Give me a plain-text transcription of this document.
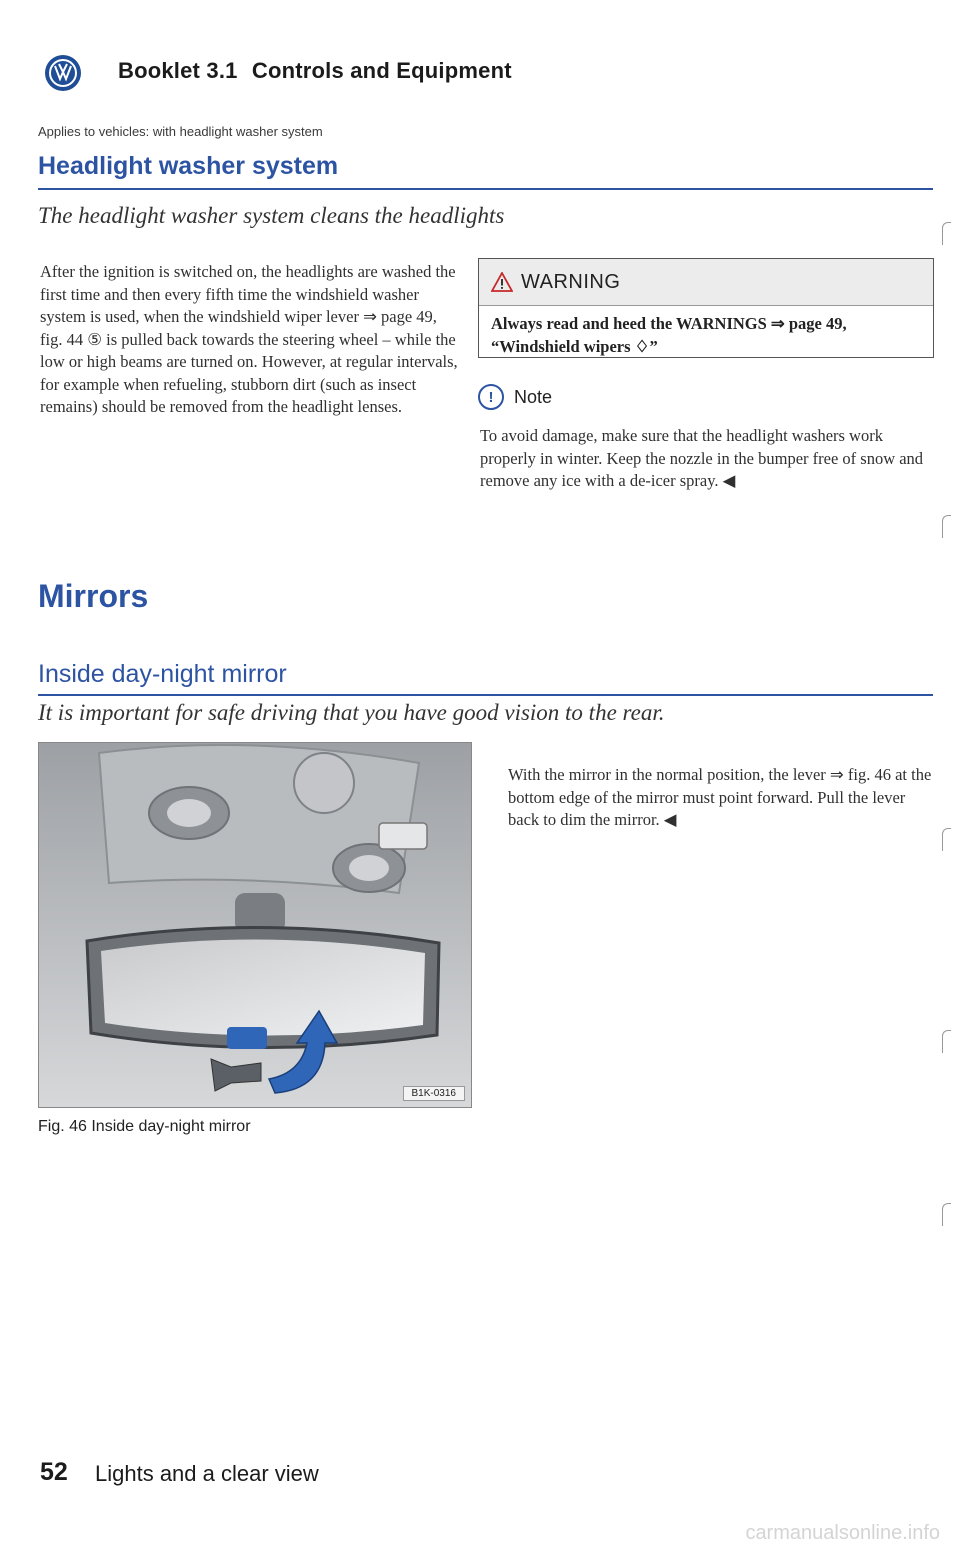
Booklet 3.1 Controls and Equipment
Applies to vehicles: with headlight washer system
Headlight washer system
The headlight washer system cleans the headlights
After the ignition is switched on, the headlights are washed the first time and then every fifth time the windshield washer system is used, when the windshield wiper lever ⇒ page 49, fig. 44 ⑤ is pulled back towards the steering wheel – while the low or high beams are turned on. However, at regular intervals, for example when refueling, stubborn dirt (such as insect remains) should be removed from the headlight lenses.
WARNING
Always read and heed the WARNINGS ⇒ page 49, “Windshield wipers ♢”
!	Note
To avoid damage, make sure that the headlight washers work properly in winter. Keep the nozzle in the bumper free of snow and remove any ice with a de-icer spray. ◀
Mirrors
Inside day-night mirror
It is important for safe driving that you have good vision to the rear.
B1K-0316
Fig. 46 Inside day-night mirror
With the mirror in the normal position, the lever ⇒ fig. 46 at the bottom edge of the mirror must point forward. Pull the lever back to dim the mirror. ◀
52 Lights and a clear view
carmanualsonline.info
